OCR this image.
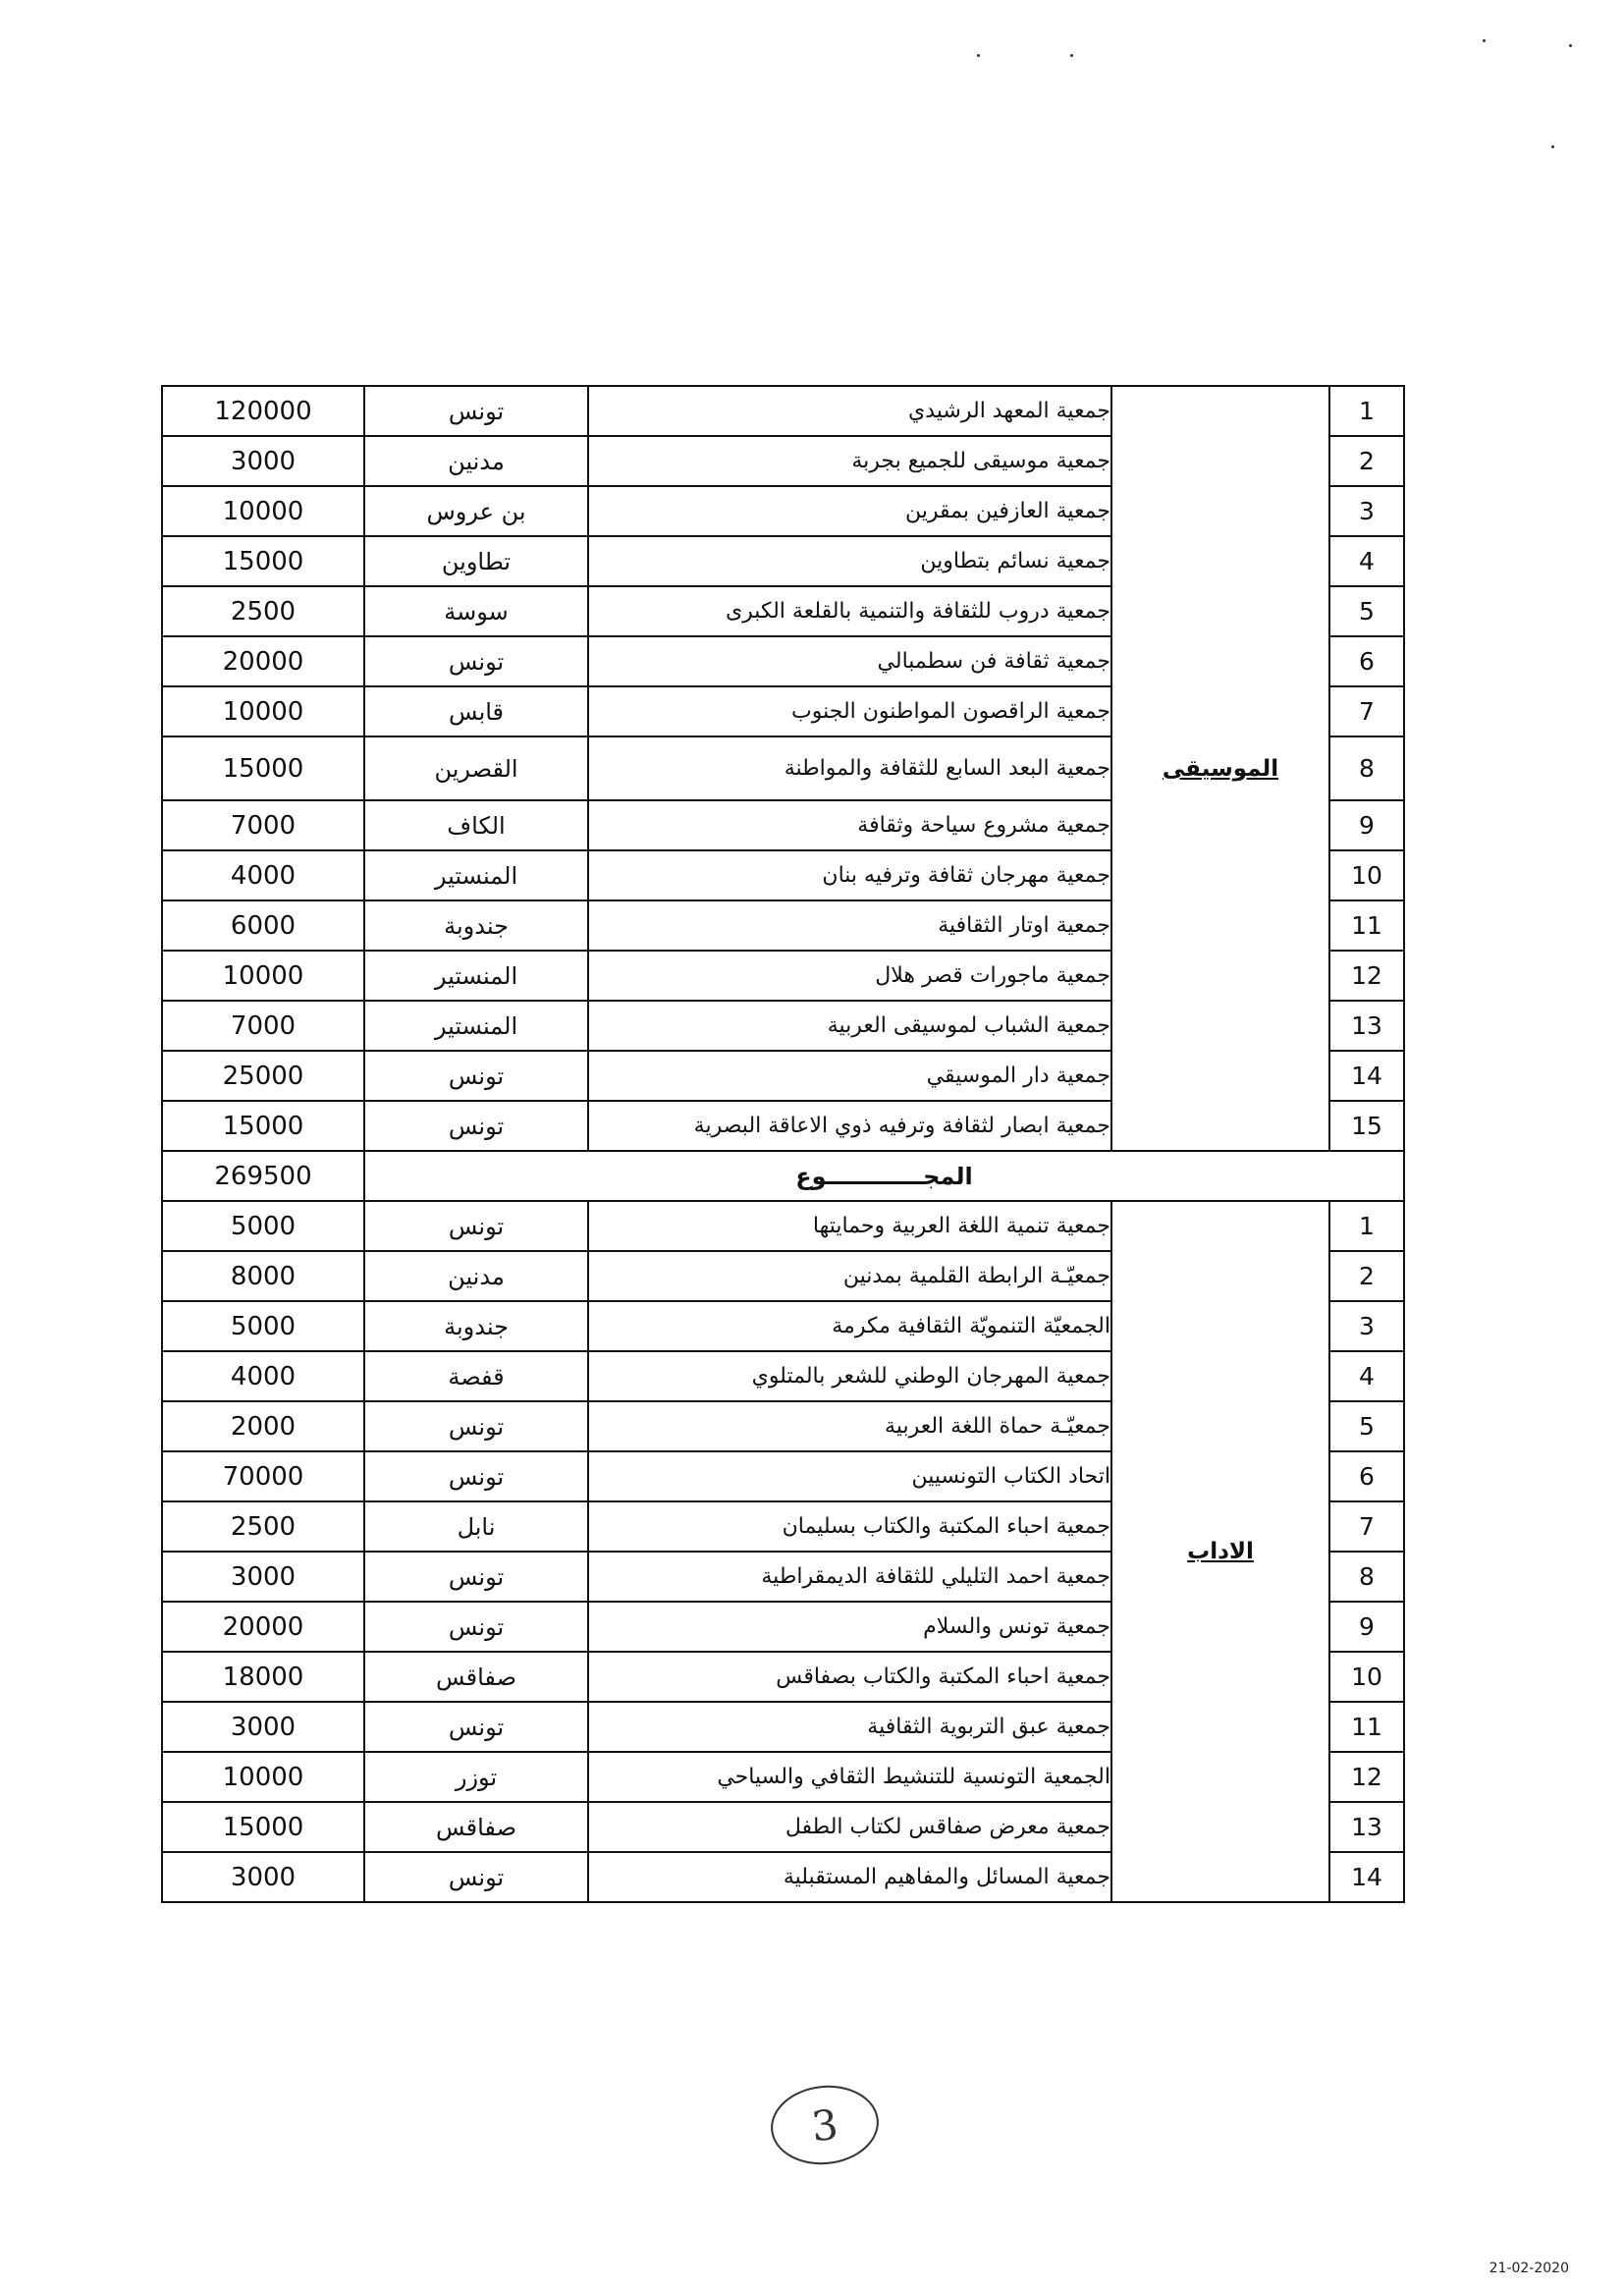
120000	تونس	جمعية المعهد الرشيدي	الموسيقى	1
3000	مدنين	جمعية موسيقى للجميع بجربة		2
10000	بن عروس	جمعية العازفين بمقرين		3
15000	تطاوين	جمعية نسائم بتطاوين		4
2500	سوسة	جمعية دروب للثقافة والتنمية بالقلعة الكبرى		5
20000	تونس	جمعية ثقافة فن سطمبالي		6
10000	قابس	جمعية الراقصون المواطنون الجنوب		7
15000	القصرين	جمعية البعد السابع للثقافة والمواطنة		8
7000	الكاف	جمعية مشروع سياحة وثقافة		9
4000	المنستير	جمعية مهرجان ثقافة وترفيه بنان		10
6000	جندوبة	جمعية اوتار الثقافية		11
10000	المنستير	جمعية ماجورات قصر هلال		12
7000	المنستير	جمعية الشباب لموسيقى العربية		13
25000	تونس	جمعية دار الموسيقي		14
15000	تونس	جمعية ابصار لثقافة وترفيه ذوي الاعاقة البصرية		15
269500	المجــــــــــــوع			
5000	تونس	جمعية تنمية اللغة العربية وحمايتها	الاداب	1
8000	مدنين	جمعيّـة الرابطة القلمية بمدنين		2
5000	جندوبة	الجمعيّة التنمويّة الثقافية مكرمة		3
4000	قفصة	جمعية المهرجان الوطني للشعر بالمتلوي		4
2000	تونس	جمعيّـة حماة اللغة العربية		5
70000	تونس	اتحاد الكتاب التونسيين		6
2500	نابل	جمعية احباء المكتبة والكتاب بسليمان		7
3000	تونس	جمعية احمد التليلي للثقافة الديمقراطية		8
20000	تونس	جمعية تونس والسلام		9
18000	صفاقس	جمعية احباء المكتبة والكتاب بصفاقس		10
3000	تونس	جمعية عبق التربوية الثقافية		11
10000	توزر	الجمعية التونسية للتنشيط الثقافي والسياحي		12
15000	صفاقس	جمعية معرض صفاقس لكتاب الطفل		13
3000	تونس	جمعية المسائل والمفاهيم المستقبلية		14
3
21-02-2020
